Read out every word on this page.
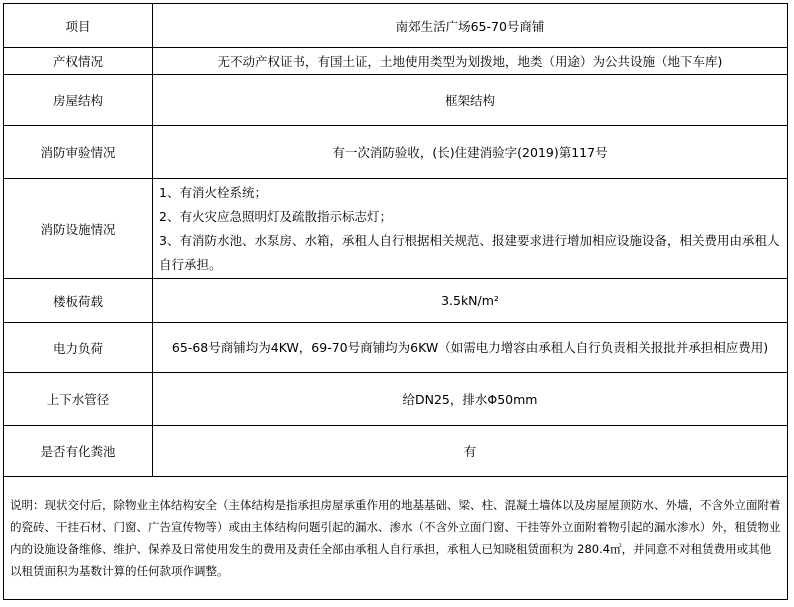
项目	南郊生活广场65-70号商铺
产权情况	无不动产权证书，有国土证，土地使用类型为划拨地，地类（用途）为公共设施（地下车库)
房屋结构	框架结构
消防审验情况	有一次消防验收，(长)住建消验字(2019)第117号
消防设施情况	1、有消火栓系统；
2、有火灾应急照明灯及疏散指示标志灯；
3、有消防水池、水泵房、水箱，承租人自行根据相关规范、报建要求进行增加相应设施设备，相关费用由承租人自行承担。

楼板荷载	3.5kN/m²
电力负荷	65-68号商铺均为4KW，69-70号商铺均为6KW（如需电力增容由承租人自行负责相关报批并承担相应费用)
上下水管径	给DN25，排水Φ50mm
是否有化粪池	有
说明：现状交付后，除物业主体结构安全（主体结构是指承担房屋承重作用的地基基础、梁、柱、混凝土墙体以及房屋屋顶防水、外墙，不含外立面附着的瓷砖、干挂石材、门窗、广告宣传物等）或由主体结构问题引起的漏水、渗水（不含外立面门窗、干挂等外立面附着物引起的漏水渗水）外，租赁物业内的设施设备维修、维护、保养及日常使用发生的费用及责任全部由承租人自行承担，承租人已知晓租赁面积为 280.4㎡，并同意不对租赁费用或其他以租赁面积为基数计算的任何款项作调整。	
